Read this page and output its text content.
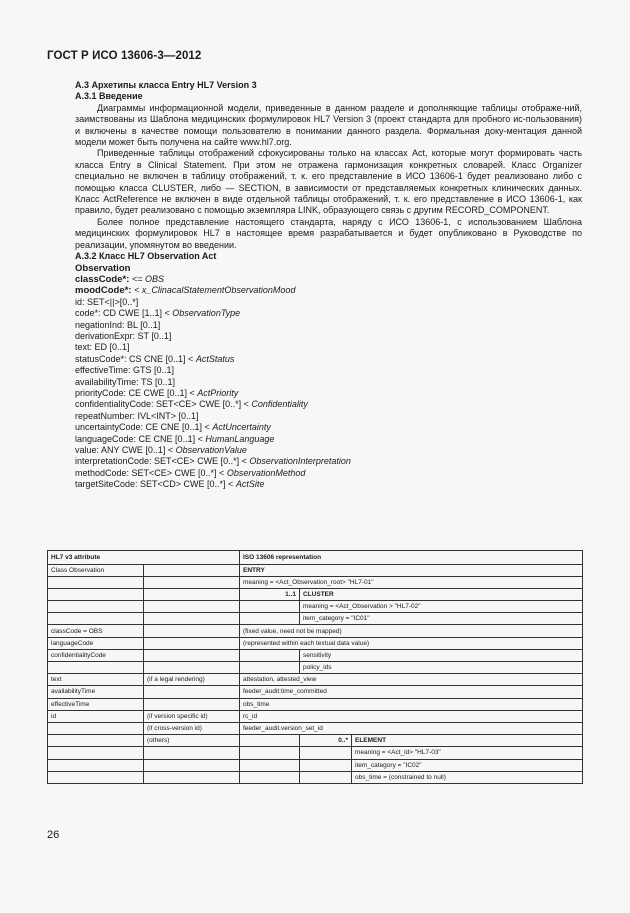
ГОСТ Р ИСО 13606-3—2012

А.3 Архетипы класса Entry HL7 Version 3

А.3.1 Введение

Диаграммы информационной модели, приведенные в данном разделе и дополняющие таблицы отображе-ний, заимствованы из Шаблона медицинских формулировок HL7 Version 3 (проект стандарта для пробного ис-пользования) и включены в качестве помощи пользователю в понимании данного раздела. Формальная доку-ментация данной модели может быть получена на сайте www.hl7.org.

Приведенные таблицы отображений сфокусированы только на классах Act, которые могут формировать часть класса Entry в Clinical Statement. При этом не отражена гармонизация конкретных словарей. Класс Organizer специально не включен в таблицу отображений, т. к. его представление в ИСО 13606-1 будет реализовано либо с помощью класса CLUSTER, либо — SECTION, в зависимости от представляемых конкретных клинических данных. Класс ActReference не включен в виде отдельной таблицы отображений, т. к. его представление в ИСО 13606-1, как правило, будет реализовано с помощью экземпляра LINK, образующего связь с другим RECORD_COMPONENT.

Более полное представление настоящего стандарта, наряду с ИСО 13606-1, с использованием Шаблона медицинских формулировок HL7 в настоящее время разрабатывается и будет опубликовано в Руководстве по реализации, упомянутом во введении.

А.3.2 Класс HL7 Observation Act

Observation

classCode*: <= OBS
moodCode*: < x_ClinacalStatementObservationMood
id: SET<||>[0..*]
code*: CD CWE [1..1] < ObservationType
negationInd: BL [0..1]
derivationExpr: ST [0..1]
text: ED [0..1]
statusCode*: CS CNE [0..1] < ActStatus
effectiveTime: GTS [0..1]
availabilityTime: TS [0..1]
priorityCode: CE CWE [0..1] < ActPriority
confidentialityCode: SET<CE> CWE [0..*] < Confidentiality
repeatNumber: IVL<INT> [0..1]
uncertaintyCode: CE CNE [0..1] < ActUncertainty
languageCode: CE CNE [0..1] < HumanLanguage
value: ANY CWE [0..1] < ObservationValue
interpretationCode: SET<CE> CWE [0..*] < ObservationInterpretation
methodCode: SET<CE> CWE [0..*] < ObservationMethod
targetSiteCode: SET<CD> CWE [0..*] < ActSite
HL7 v3 attribute		ISO 13606 representation		
Class Observation		ENTRY		
		meaning = <Act_Observation_root> "HL7-01"		
		1..1	CLUSTER	
			meaning = <Act_Observation > "HL7-02"	
			item_category = "IC01"	
classCode = OBS		(fixed value, need not be mapped)		
languageCode		(represented within each textual data value)		
confidentialityCode			sensitivity	
			policy_ids	
text	(if a legal rendering)	attestation, attested_view		
availabilityTime		feeder_audit:time_committed		
effectiveTime		obs_time		
id	(if version specific id)	rc_id		
	(if cross-version id)	feeder_audit.version_set_id		
	(others)		0..*	ELEMENT
				meaning = <Act_id> "HL7-03"
				item_category = "IC02"
				obs_time = (constrained to null)
26
